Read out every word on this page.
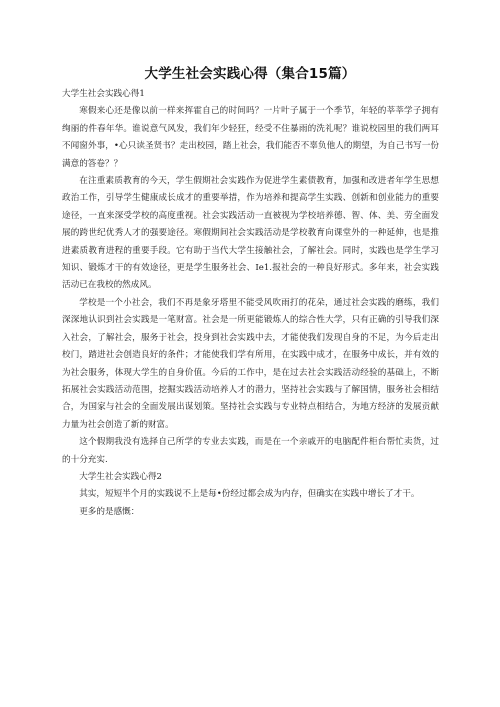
大学生社会实践心得（集合15篇）

大学生社会实践心得1

寒假来心还是像以前一样来挥霍自己的时间吗？一片叶子属于一个季节，年轻的莘莘学子拥有绚丽的件春年华。谁说意气风发，我们年少轻狂，经受不住暴雨的洗礼呢？谁说校园里的我们两耳不闻窗外事，•心只读圣贤书？走出校园，踏上社会，我们能否不辜负他人的期望，为自己书写一份满意的答卷？？

在注重素质教育的今天，学生假期社会实践作为促进学生素债教育，加强和改进者年学生思想政治工作，引导学生健康成长成才的重要举措，作为培养和提高学生实践、创新和创业能力的重要途径，一直来深受学校的高度重视。社会实践活动一直被视为学校培养德、智、体、美、劳全面发展的跨世纪优秀人才的强要途径。寒假期间社会实践活动是学校教育向课堂外的一种延伸，也是推进素质教育进程的重要手段。它有助于当代大学生接触社会，了解社会。同时，实践也是学生学习知识、锻炼才干的有效途径，更是学生服务社会、Ie1.报社会的一种良好形式。多年来，社会实践活动已在我校的然成风。

学校是一个小社会，我们不再是象牙塔里不能受风吹雨打的花朵，通过社会实践的磨练，我们深深地认识到社会实践是一笔财富。社会是一所更能锻炼人的综合性大学，只有正确的引导我们深入社会，了解社会，服务于社会，投身到社会实践中去，才能使我们发现自身的不足，为今后走出校门，踏进社会创造良好的条件；才能使我们学有所用，在实践中成才，在服务中成长，并有效的为社会服务，体现大学生的自身价值。今后的工作中，是在过去社会实践活动经验的基础上，不断拓展社会实践活动范围，挖掘实践活动培养人才的潜力，坚持社会实践与了解国情，服务社会相结合，为国家与社会的全面发展出谋划策。坚持社会实践与专业特点相结合，为地方经济的发展贡献力量为社会创造了新的财富。

这个假期我没有选择自己所学的专业去实践，而是在一个亲戚开的电脑配件柜台帮忙卖货，过的十分充实.

大学生社会实践心得2

其实，短短半个月的实践说不上是每•份经过都会成为内存，但确实在实践中增长了才干。

更多的是感慨：
